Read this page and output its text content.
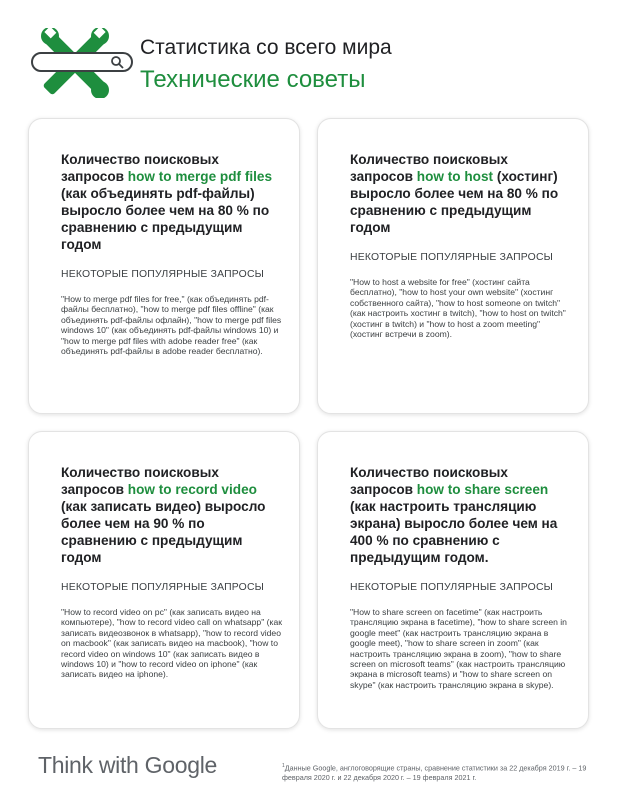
Статистика со всего мира
Технические советы

Количество поисковых запросов how to merge pdf files (как объединять pdf-файлы) выросло более чем на 80 % по сравнению с предыдущим годом

НЕКОТОРЫЕ ПОПУЛЯРНЫЕ ЗАПРОСЫ

"How to merge pdf files for free," (как объединять pdf-файлы бесплатно), "how to merge pdf files offline" (как объединять pdf-файлы офлайн), "how to merge pdf files windows 10" (как объединять pdf-файлы windows 10) и "how to merge pdf files with adobe reader free" (как объединять pdf-файлы в adobe reader бесплатно).

Количество поисковых запросов how to host (хостинг) выросло более чем на 80 % по сравнению с предыдущим годом

НЕКОТОРЫЕ ПОПУЛЯРНЫЕ ЗАПРОСЫ

"How to host a website for free" (хостинг сайта бесплатно), "how to host your own website" (хостинг собственного сайта), "how to host someone on twitch" (как настроить хостинг в twitch), "how to host on twitch" (хостинг в twitch) и "how to host a zoom meeting" (хостинг встречи в zoom).

Количество поисковых запросов how to record video (как записать видео) выросло более чем на 90 % по сравнению с предыдущим годом

НЕКОТОРЫЕ ПОПУЛЯРНЫЕ ЗАПРОСЫ

"How to record video on pc" (как записать видео на компьютере), "how to record video call on whatsapp" (как записать видеозвонок в whatsapp), "how to record video on macbook" (как записать видео на macbook), "how to record video on windows 10" (как записать видео в windows 10) и "how to record video on iphone" (как записать видео на iphone).

Количество поисковых запросов how to share screen (как настроить трансляцию экрана) выросло более чем на 400 % по сравнению с предыдущим годом.

НЕКОТОРЫЕ ПОПУЛЯРНЫЕ ЗАПРОСЫ

"How to share screen on facetime" (как настроить трансляцию экрана в facetime), "how to share screen in google meet" (как настроить трансляцию экрана в google meet), "how to share screen in zoom" (как настроить трансляцию экрана в zoom), "how to share screen on microsoft teams" (как настроить трансляцию экрана в microsoft teams) и "how to share screen on skype" (как настроить трансляцию экрана в skype).

Think with Google	$^1$Данные Google, англоговорящие страны, сравнение статистики за 22 декабря 2019 г. – 19 февраля 2020 г. и 22 декабря 2020 г. – 19 февраля 2021 г.
